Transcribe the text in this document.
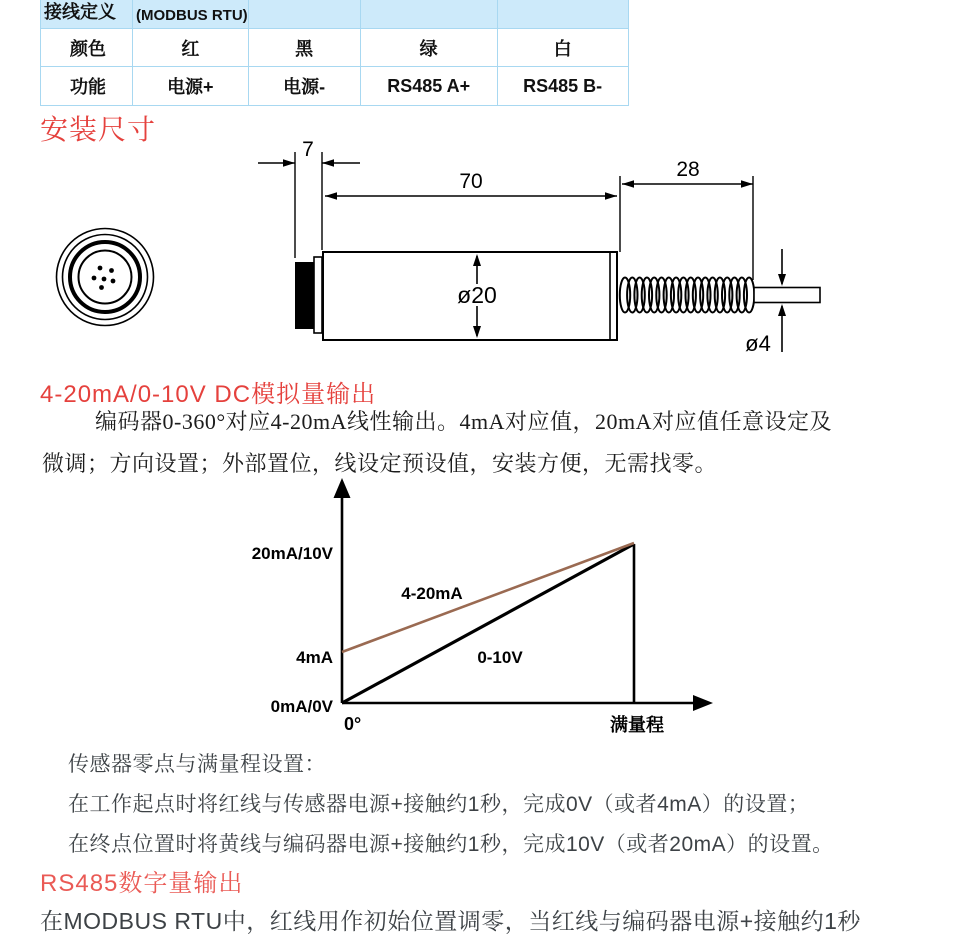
接线定义	(MODBUS RTU)			
颜色	红	黑	绿	白
功能	电源+	电源-	RS485 A+	RS485 B-
安装尺寸
4-20mA/0-10V DC模拟量输出
RS485数字量输出
7
70
28
ø20
ø4
编码器0-360°对应4-20mA线性输出。4mA对应值，20mA对应值任意设定及
微调；方向设置；外部置位，线设定预设值，安装方便，无需找零。
20mA/10V
4mA
0mA/0V
0°	满量程
4-20mA
0-10V
传感器零点与满量程设置：
在工作起点时将红线与传感器电源+接触约1秒，完成0V（或者4mA）的设置；
在终点位置时将黄线与编码器电源+接触约1秒，完成10V（或者20mA）的设置。
在MODBUS RTU中，红线用作初始位置调零，当红线与编码器电源+接触约1秒
